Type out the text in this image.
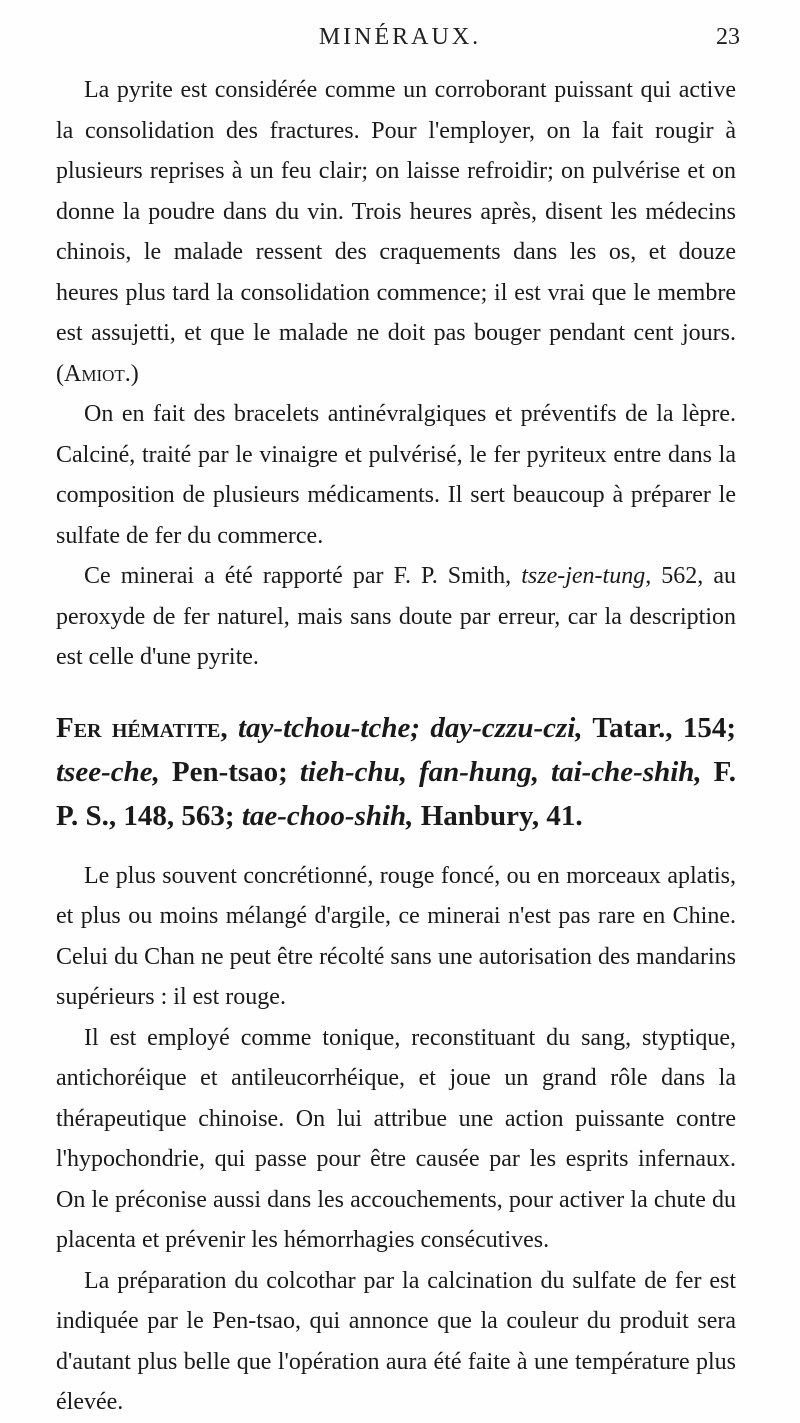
MINÉRAUX.	23

La pyrite est considérée comme un corroborant puissant qui active la consolidation des fractures. Pour l'employer, on la fait rougir à plusieurs reprises à un feu clair; on laisse refroidir; on pulvérise et on donne la poudre dans du vin. Trois heures après, disent les médecins chinois, le malade ressent des craquements dans les os, et douze heures plus tard la consolidation commence; il est vrai que le membre est assujetti, et que le malade ne doit pas bouger pendant cent jours. (Amiot.)

On en fait des bracelets antinévralgiques et préventifs de la lèpre. Calciné, traité par le vinaigre et pulvérisé, le fer pyriteux entre dans la composition de plusieurs médicaments. Il sert beaucoup à préparer le sulfate de fer du commerce.

Ce minerai a été rapporté par F. P. Smith, tsze-jen-tung, 562, au peroxyde de fer naturel, mais sans doute par erreur, car la description est celle d'une pyrite.

Fer hématite, tay-tchou-tche; day-czzu-czi, Tatar., 154; tsee-che, Pen-tsao; tieh-chu, fan-hung, tai-che-shih, F. P. S., 148, 563; tae-choo-shih, Hanbury, 41.

Le plus souvent concrétionné, rouge foncé, ou en morceaux aplatis, et plus ou moins mélangé d'argile, ce minerai n'est pas rare en Chine. Celui du Chan ne peut être récolté sans une autorisation des mandarins supérieurs : il est rouge.

Il est employé comme tonique, reconstituant du sang, styptique, antichoréique et antileucorrhéique, et joue un grand rôle dans la thérapeutique chinoise. On lui attribue une action puissante contre l'hypochondrie, qui passe pour être causée par les esprits infernaux. On le préconise aussi dans les accouchements, pour activer la chute du placenta et prévenir les hémorrhagies consécutives.

La préparation du colcothar par la calcination du sulfate de fer est indiquée par le Pen-tsao, qui annonce que la couleur du produit sera d'autant plus belle que l'opération aura été faite à une température plus élevée.
